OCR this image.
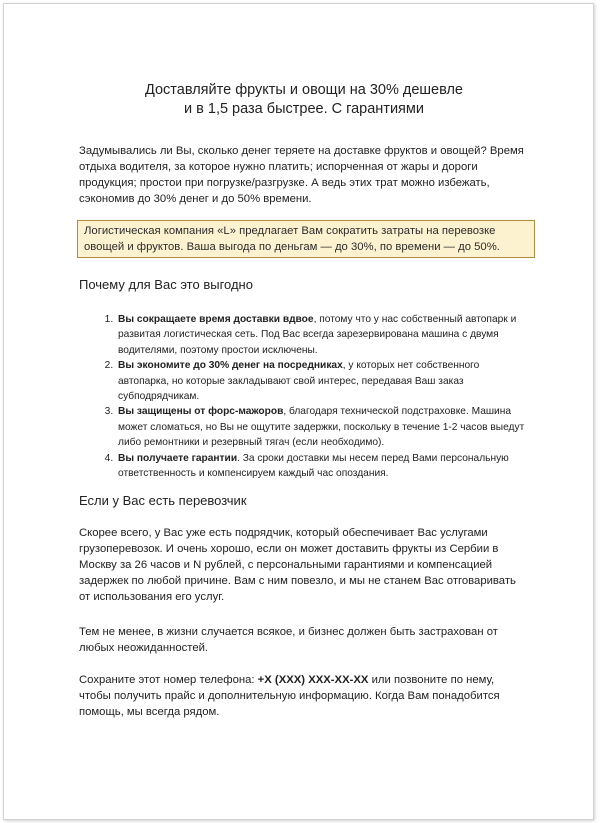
Доставляйте фрукты и овощи на 30% дешевле
и в 1,5 раза быстрее. С гарантиями

Задумывались ли Вы, сколько денег теряете на доставке фруктов и овощей? Время отдыха водителя, за которое нужно платить; испорченная от жары и дороги продукция; простои при погрузке/разгрузке. А ведь этих трат можно избежать, сэкономив до 30% денег и до 50% времени.

Логистическая компания «L» предлагает Вам сократить затраты на перевозке овощей и фруктов. Ваша выгода по деньгам — до 30%, по времени — до 50%.
Почему для Вас это выгодно
1. Вы сокращаете время доставки вдвое, потому что у нас собственный автопарк и развитая логистическая сеть. Под Вас всегда зарезервирована машина с двумя водителями, поэтому простои исключены.
2. Вы экономите до 30% денег на посредниках, у которых нет собственного автопарка, но которые закладывают свой интерес, передавая Ваш заказ субподрядчикам.
3. Вы защищены от форс-мажоров, благодаря технической подстраховке. Машина может сломаться, но Вы не ощутите задержки, поскольку в течение 1-2 часов выедут либо ремонтники и резервный тягач (если необходимо).
4. Вы получаете гарантии. За сроки доставки мы несем перед Вами персональную ответственность и компенсируем каждый час опоздания.
Если у Вас есть перевозчик

Скорее всего, у Вас уже есть подрядчик, который обеспечивает Вас услугами грузоперевозок. И очень хорошо, если он может доставить фрукты из Сербии в Москву за 26 часов и N рублей, с персональными гарантиями и компенсацией задержек по любой причине. Вам с ним повезло, и мы не станем Вас отговаривать от использования его услуг.

Тем не менее, в жизни случается всякое, и бизнес должен быть застрахован от любых неожиданностей.

Сохраните этот номер телефона: +X (XXX) XXX-XX-XX или позвоните по нему, чтобы получить прайс и дополнительную информацию. Когда Вам понадобится помощь, мы всегда рядом.
